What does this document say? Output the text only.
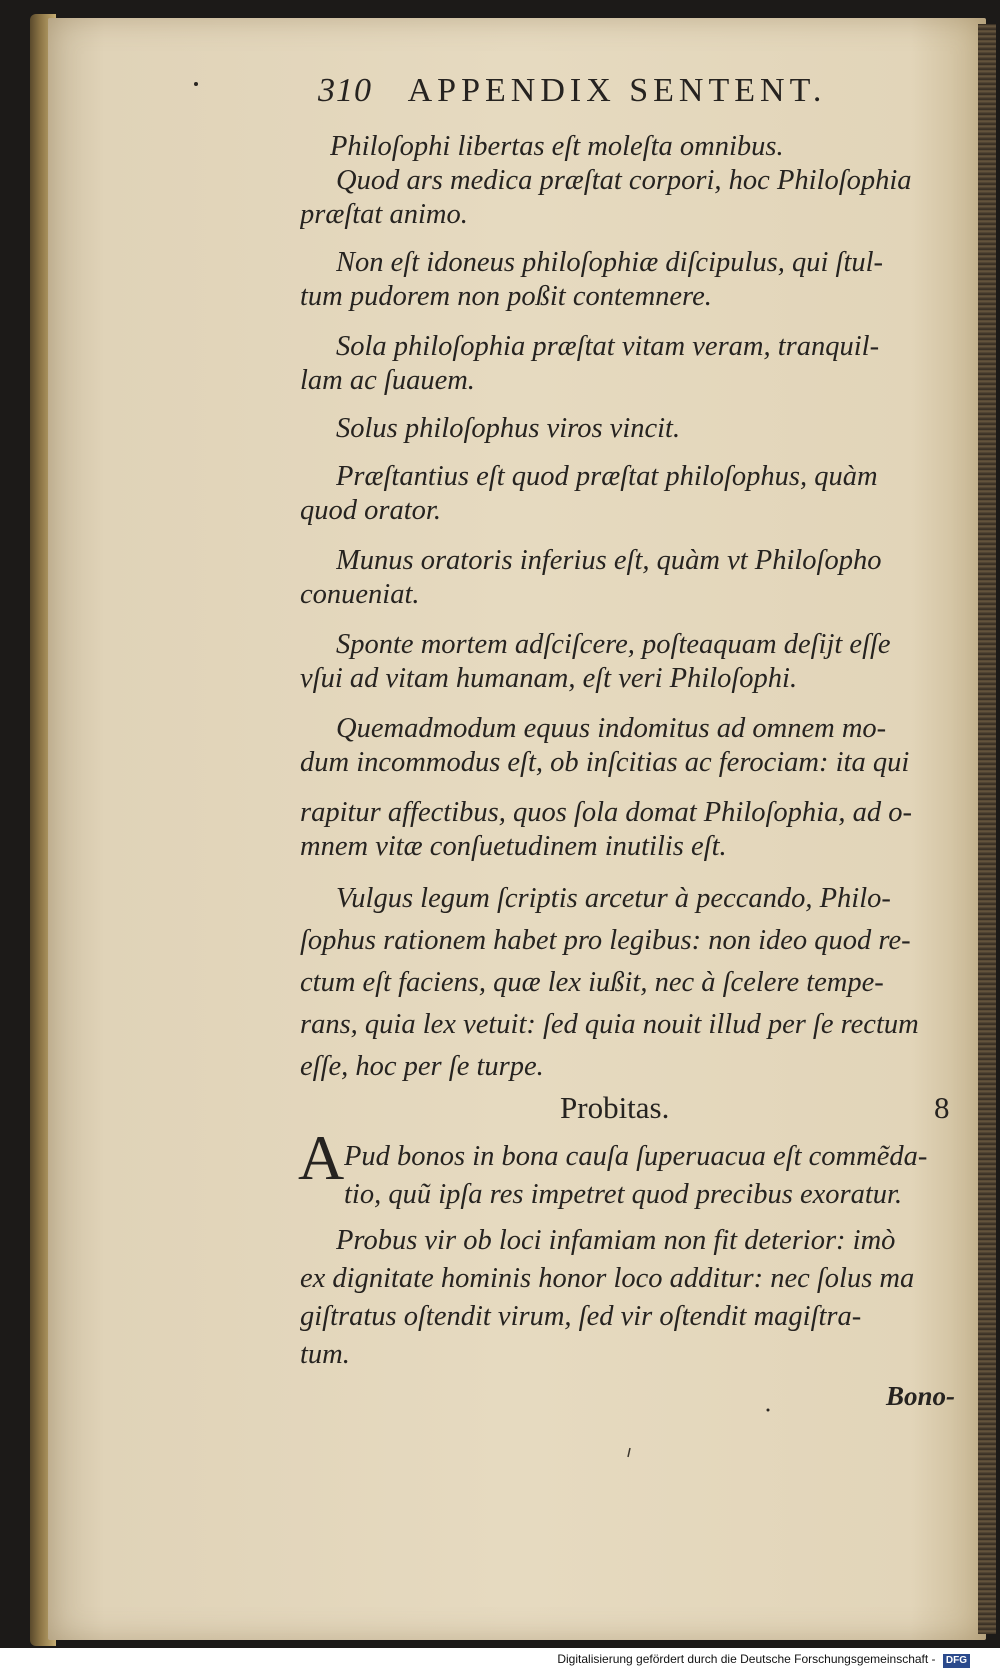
310 APPENDIX SENTENT.
Philoſophi libertas eſt moleſta omnibus.
Quod ars medica præſtat corpori, hoc Philoſophia
præſtat animo.
Non eſt idoneus philoſophiæ diſcipulus, qui ſtul-
tum pudorem non poßit contemnere.
Sola philoſophia præſtat vitam veram, tranquil-
lam ac ſuauem.
Solus philoſophus viros vincit.
Præſtantius eſt quod præſtat philoſophus, quàm
quod orator.
Munus oratoris inferius eſt, quàm vt Philoſopho
conueniat.
Sponte mortem adſciſcere, poſteaquam deſijt eſſe
vſui ad vitam humanam, eſt veri Philoſophi.
Quemadmodum equus indomitus ad omnem mo-
dum incommodus eſt, ob inſcitias ac ferociam: ita qui
rapitur affectibus, quos ſola domat Philoſophia, ad o-
mnem vitæ conſuetudinem inutilis eſt.
Vulgus legum ſcriptis arcetur à peccando, Philo-
ſophus rationem habet pro legibus: non ideo quod re-
ctum eſt faciens, quæ lex iußit, nec à ſcelere tempe-
rans, quia lex vetuit: ſed quia nouit illud per ſe rectum
eſſe, hoc per ſe turpe.
Probitas.	8
A Pud bonos in bona cauſa ſuperuacua eſt commẽda-
tio, quũ ipſa res impetret quod precibus exoratur.
Probus vir ob loci infamiam non fit deterior: imò
ex dignitate hominis honor loco additur: nec ſolus ma
giſtratus oſtendit virum, ſed vir oſtendit magiſtra-
tum.
Bono-
Digitalisierung gefördert durch die Deutsche Forschungsgemeinschaft - DFG
